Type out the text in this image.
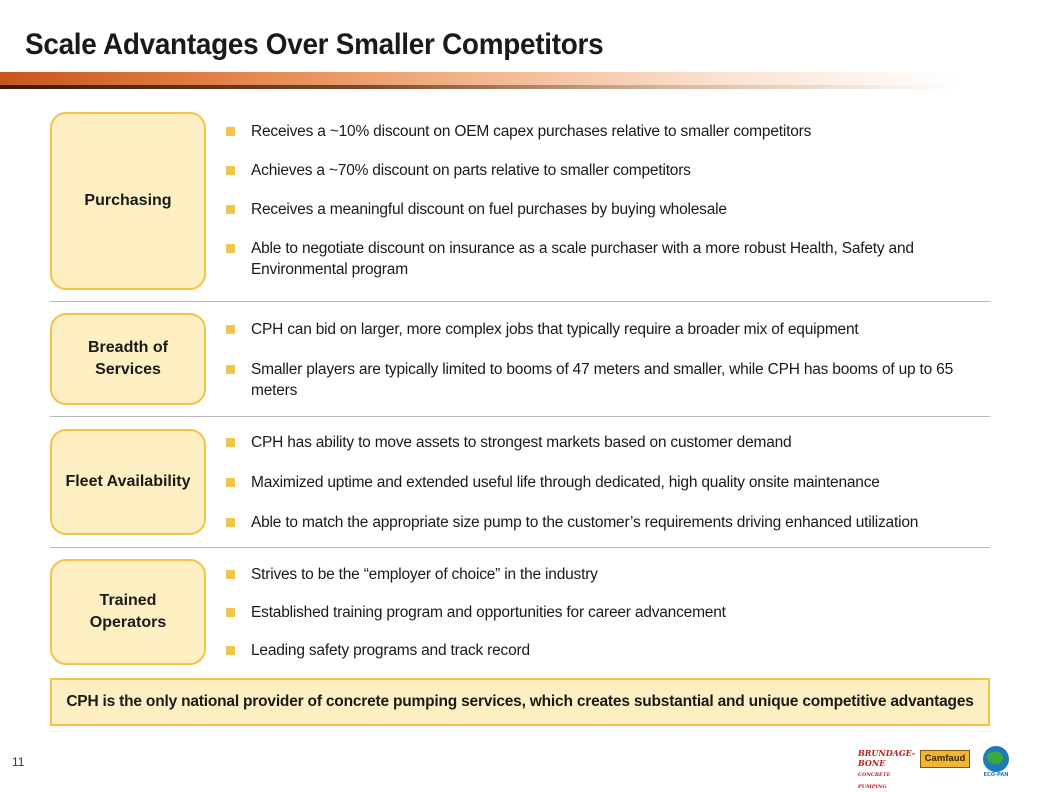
Scale Advantages Over Smaller Competitors
Purchasing
Receives a ~10% discount on OEM capex purchases relative to smaller competitors
Achieves a ~70% discount on parts relative to smaller competitors
Receives a meaningful discount on fuel purchases by buying wholesale
Able to negotiate discount on insurance as a scale purchaser with a more robust Health, Safety and Environmental program
Breadth of Services
CPH can bid on larger, more complex jobs that typically require a broader mix of equipment
Smaller players are typically limited to booms of 47 meters and smaller, while CPH has booms of up to 65 meters
Fleet Availability
CPH has ability to move assets to strongest markets based on customer demand
Maximized uptime and extended useful life through dedicated, high quality onsite maintenance
Able to match the appropriate size pump to the customer’s requirements driving enhanced utilization
Trained Operators
Strives to be the “employer of choice” in the industry
Established training program and opportunities for career advancement
Leading safety programs and track record
CPH is the only national provider of concrete pumping services, which creates substantial and unique competitive advantages
11
BRUNDAGE-
BONE CONCRETE PUMPING
Camfaud
ECO-PAN
